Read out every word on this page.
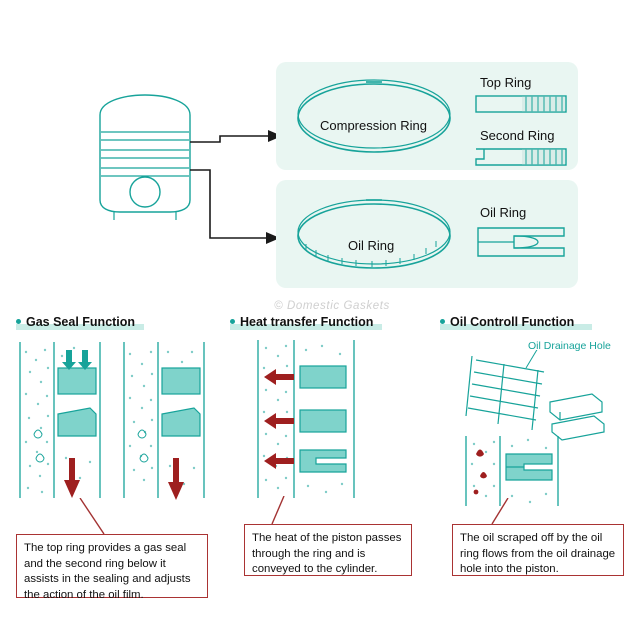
Compression Ring
Top Ring
Second Ring
Oil Ring
Oil Ring
© Domestic Gaskets
Gas Seal Function
The top ring provides a gas seal and the second ring below it assists in the sealing and adjusts the action of the oil film.
Heat transfer Function
The heat of the piston passes through the ring and is conveyed to the cylinder.
Oil Controll Function
Oil Drainage Hole
The oil scraped off by the oil ring flows from the oil drainage hole into the piston.
